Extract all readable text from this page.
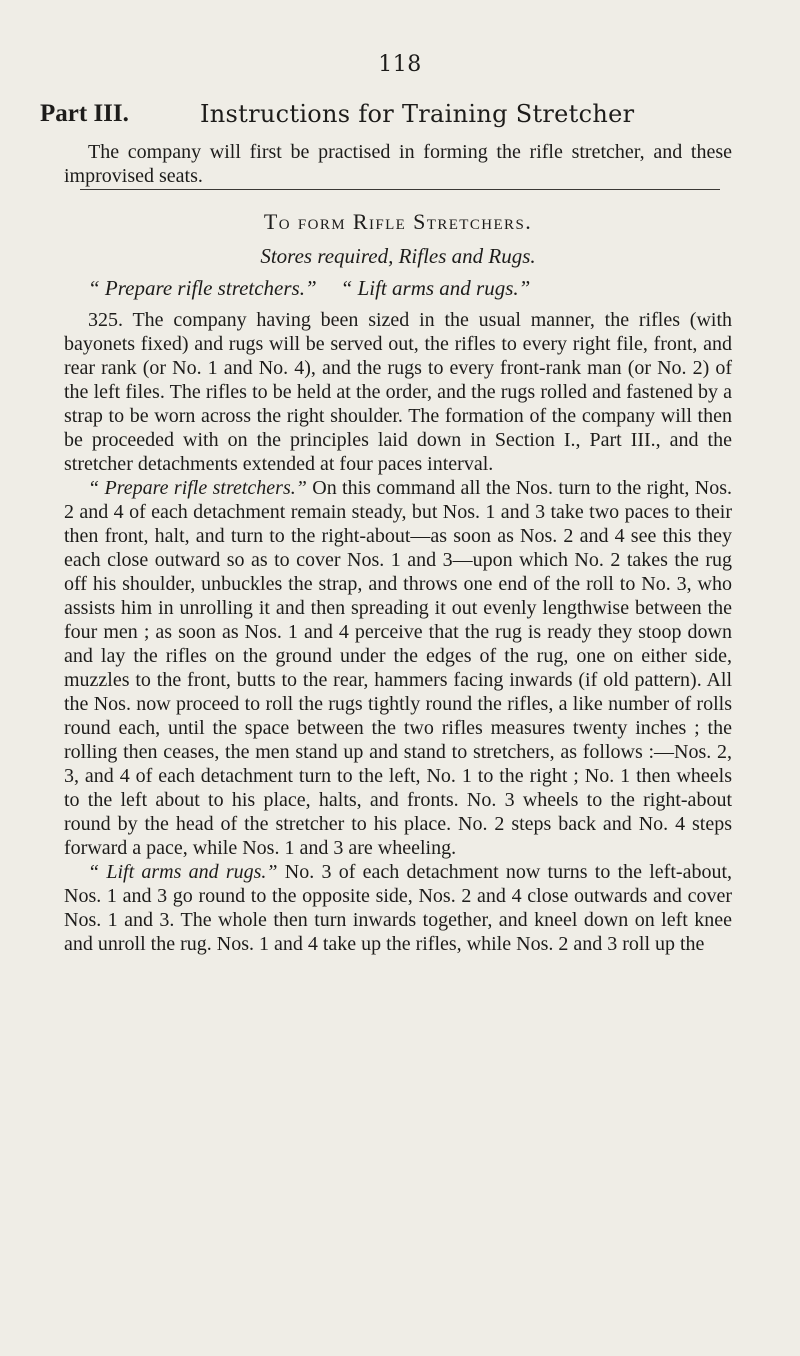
118
Part III.	Instructions for Training Stretcher

The company will first be practised in forming the rifle stretcher, and these improvised seats.

To form Rifle Stretchers.
Stores required, Rifles and Rugs.
“ Prepare rifle stretchers.” “ Lift arms and rugs.”

325. The company having been sized in the usual manner, the rifles (with bayonets fixed) and rugs will be served out, the rifles to every right file, front, and rear rank (or No. 1 and No. 4), and the rugs to every front-rank man (or No. 2) of the left files. The rifles to be held at the order, and the rugs rolled and fastened by a strap to be worn across the right shoulder. The formation of the company will then be proceeded with on the principles laid down in Section I., Part III., and the stretcher detachments extended at four paces interval.

“ Prepare rifle stretchers.” On this command all the Nos. turn to the right, Nos. 2 and 4 of each detachment remain steady, but Nos. 1 and 3 take two paces to their then front, halt, and turn to the right-about—as soon as Nos. 2 and 4 see this they each close outward so as to cover Nos. 1 and 3—upon which No. 2 takes the rug off his shoulder, unbuckles the strap, and throws one end of the roll to No. 3, who assists him in unrolling it and then spreading it out evenly lengthwise between the four men ; as soon as Nos. 1 and 4 perceive that the rug is ready they stoop down and lay the rifles on the ground under the edges of the rug, one on either side, muzzles to the front, butts to the rear, hammers facing inwards (if old pattern). All the Nos. now proceed to roll the rugs tightly round the rifles, a like number of rolls round each, until the space between the two rifles measures twenty inches ; the rolling then ceases, the men stand up and stand to stretchers, as follows :—Nos. 2, 3, and 4 of each detachment turn to the left, No. 1 to the right ; No. 1 then wheels to the left about to his place, halts, and fronts. No. 3 wheels to the right-about round by the head of the stretcher to his place. No. 2 steps back and No. 4 steps forward a pace, while Nos. 1 and 3 are wheeling.

“ Lift arms and rugs.” No. 3 of each detachment now turns to the left-about, Nos. 1 and 3 go round to the opposite side, Nos. 2 and 4 close outwards and cover Nos. 1 and 3. The whole then turn inwards together, and kneel down on left knee and unroll the rug. Nos. 1 and 4 take up the rifles, while Nos. 2 and 3 roll up the
